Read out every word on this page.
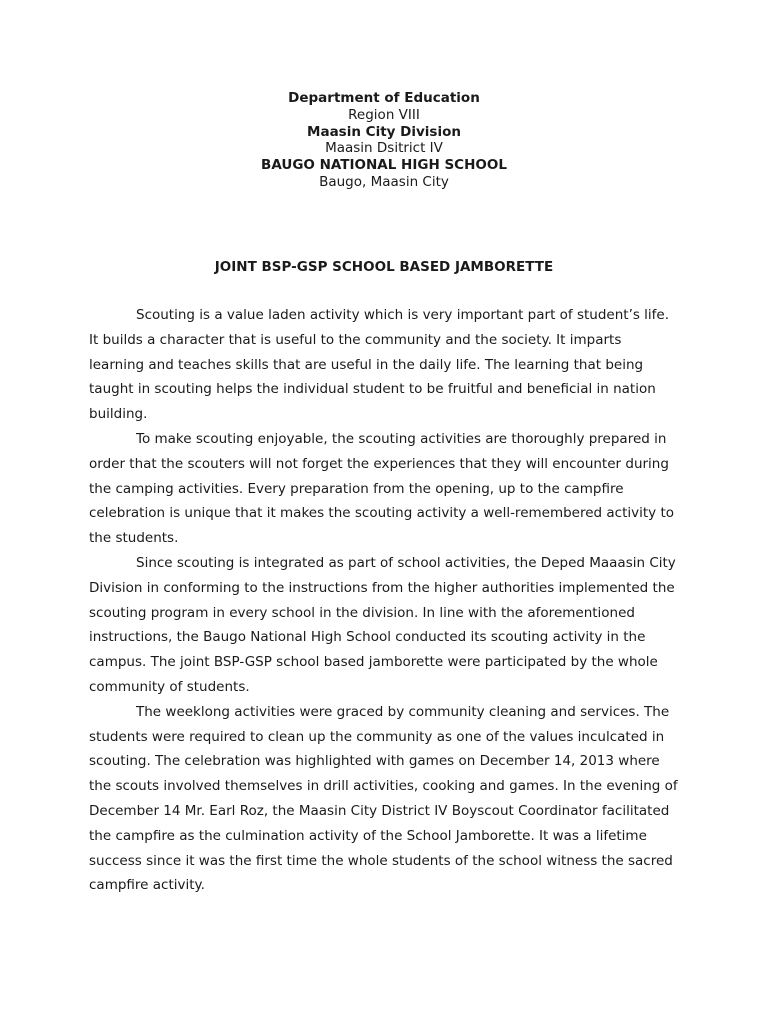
Department of Education
Region VIII
Maasin City Division
Maasin Dsitrict IV
BAUGO NATIONAL HIGH SCHOOL
Baugo, Maasin City
JOINT BSP-GSP SCHOOL BASED JAMBORETTE

Scouting is a value laden activity which is very important part of student’s life. It builds a character that is useful to the community and the society. It imparts learning and teaches skills that are useful in the daily life. The learning that being taught in scouting helps the individual student to be fruitful and beneficial in nation building.

To make scouting enjoyable, the scouting activities are thoroughly prepared in order that the scouters will not forget the experiences that they will encounter during the camping activities. Every preparation from the opening, up to the campfire celebration is unique that it makes the scouting activity a well-remembered activity to the students.

Since scouting is integrated as part of school activities, the Deped Maaasin City Division in conforming to the instructions from the higher authorities implemented the scouting program in every school in the division. In line with the aforementioned instructions, the Baugo National High School conducted its scouting activity in the campus. The joint BSP-GSP school based jamborette were participated by the whole community of students.

The weeklong activities were graced by community cleaning and services. The students were required to clean up the community as one of the values inculcated in scouting. The celebration was highlighted with games on December 14, 2013 where the scouts involved themselves in drill activities, cooking and games. In the evening of December 14 Mr. Earl Roz, the Maasin City District IV Boyscout Coordinator facilitated the campfire as the culmination activity of the School Jamborette. It was a lifetime success since it was the first time the whole students of the school witness the sacred campfire activity.
